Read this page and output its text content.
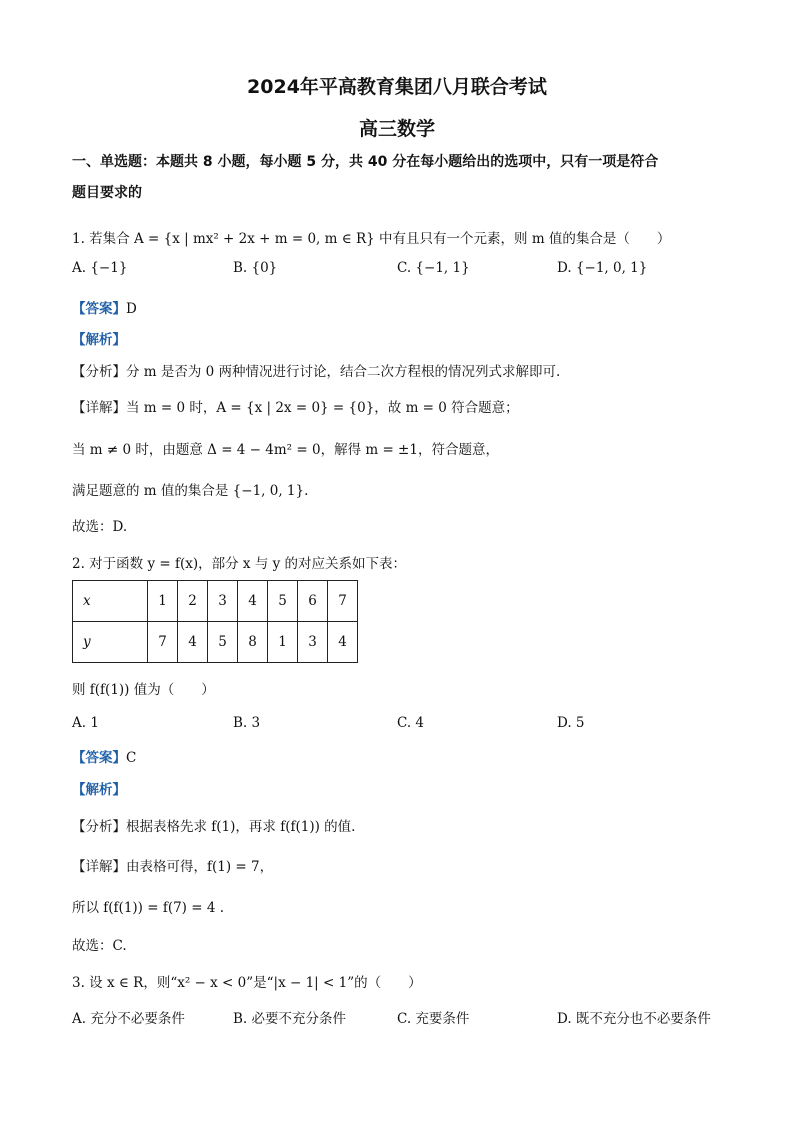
2024年平高教育集团八月联合考试
高三数学
一、单选题：本题共 8 小题，每小题 5 分，共 40 分在每小题给出的选项中，只有一项是符合
题目要求的
1. 若集合 A = {x | mx² + 2x + m = 0, m ∈ R} 中有且只有一个元素，则 m 值的集合是（　　）
A. {−1}	B. {0}	C. {−1, 1}	D. {−1, 0, 1}
【答案】D
【解析】
【分析】分 m 是否为 0 两种情况进行讨论，结合二次方程根的情况列式求解即可.
【详解】当 m = 0 时，A = {x | 2x = 0} = {0}，故 m = 0 符合题意；
当 m ≠ 0 时，由题意 Δ = 4 − 4m² = 0，解得 m = ±1，符合题意，
满足题意的 m 值的集合是 {−1, 0, 1}.
故选：D.
2. 对于函数 y = f(x)，部分 x 与 y 的对应关系如下表：
x	1	2	3	4	5	6	7
y	7	4	5	8	1	3	4
则 f(f(1)) 值为（　　）
A. 1	B. 3	C. 4	D. 5
【答案】C
【解析】
【分析】根据表格先求 f(1)，再求 f(f(1)) 的值.
【详解】由表格可得，f(1) = 7，
所以 f(f(1)) = f(7) = 4 .
故选：C.
3. 设 x ∈ R，则“x² − x < 0”是“|x − 1| < 1”的（　　）
A. 充分不必要条件	B. 必要不充分条件	C. 充要条件	D. 既不充分也不必要条件
